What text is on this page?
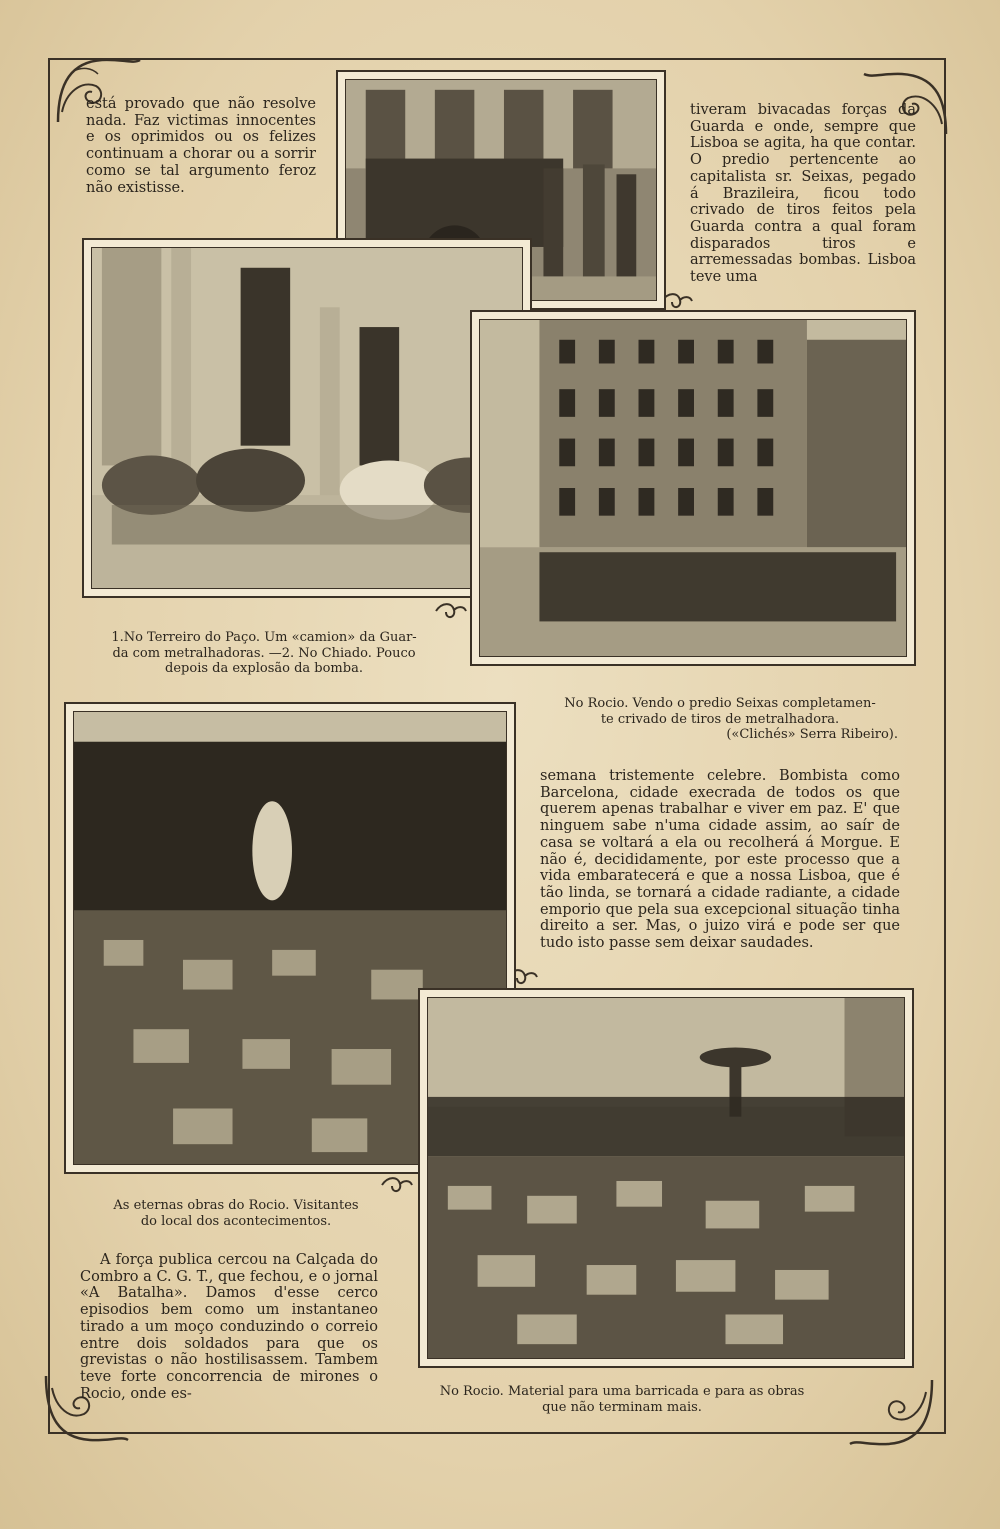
está provado que não resolve nada. Faz victimas innocentes e os oprimidos ou os felizes continuam a chorar ou a sorrir como se tal argumento feroz não existisse.

tiveram bivacadas forças da Guarda e onde, sempre que Lisboa se agita, ha que contar. O predio pertencente ao capitalista sr. Seixas, pegado á Brazileira, ficou todo crivado de tiros feitos pela Guarda contra a qual foram disparados tiros e arremessadas bombas. Lisboa teve uma

1.No Terreiro do Paço. Um «camion» da Guar-
da com metralhadoras. —2. No Chiado. Pouco
depois da explosão da bomba.
No Rocio. Vendo o predio Seixas completamen-
te crivado de tiros de metralhadora.
(«Clichés» Serra Ribeiro).

semana tristemente celebre. Bombista como Barcelona, cidade execrada de todos os que querem apenas trabalhar e viver em paz. E' que ninguem sabe n'uma cidade assim, ao saír de casa se voltará a ela ou recolherá á Morgue. E não é, decididamente, por este processo que a vida embaratecerá e que a nossa Lisboa, que é tão linda, se tornará a cidade radiante, a cidade emporio que pela sua excepcional situação tinha direito a ser. Mas, o juizo virá e pode ser que tudo isto passe sem deixar saudades.

As eternas obras do Rocio. Visitantes
do local dos acontecimentos.

A força publica cercou na Calçada do Combro a C. G. T., que fechou, e o jornal «A Batalha». Damos d'esse cerco episodios bem como um instantaneo tirado a um moço conduzindo o correio entre dois soldados para que os grevistas o não hostilisassem. Tambem teve forte concorrencia de mirones o Rocio, onde es-	No Rocio. Material para uma barricada e para as obras
que não terminam mais.
